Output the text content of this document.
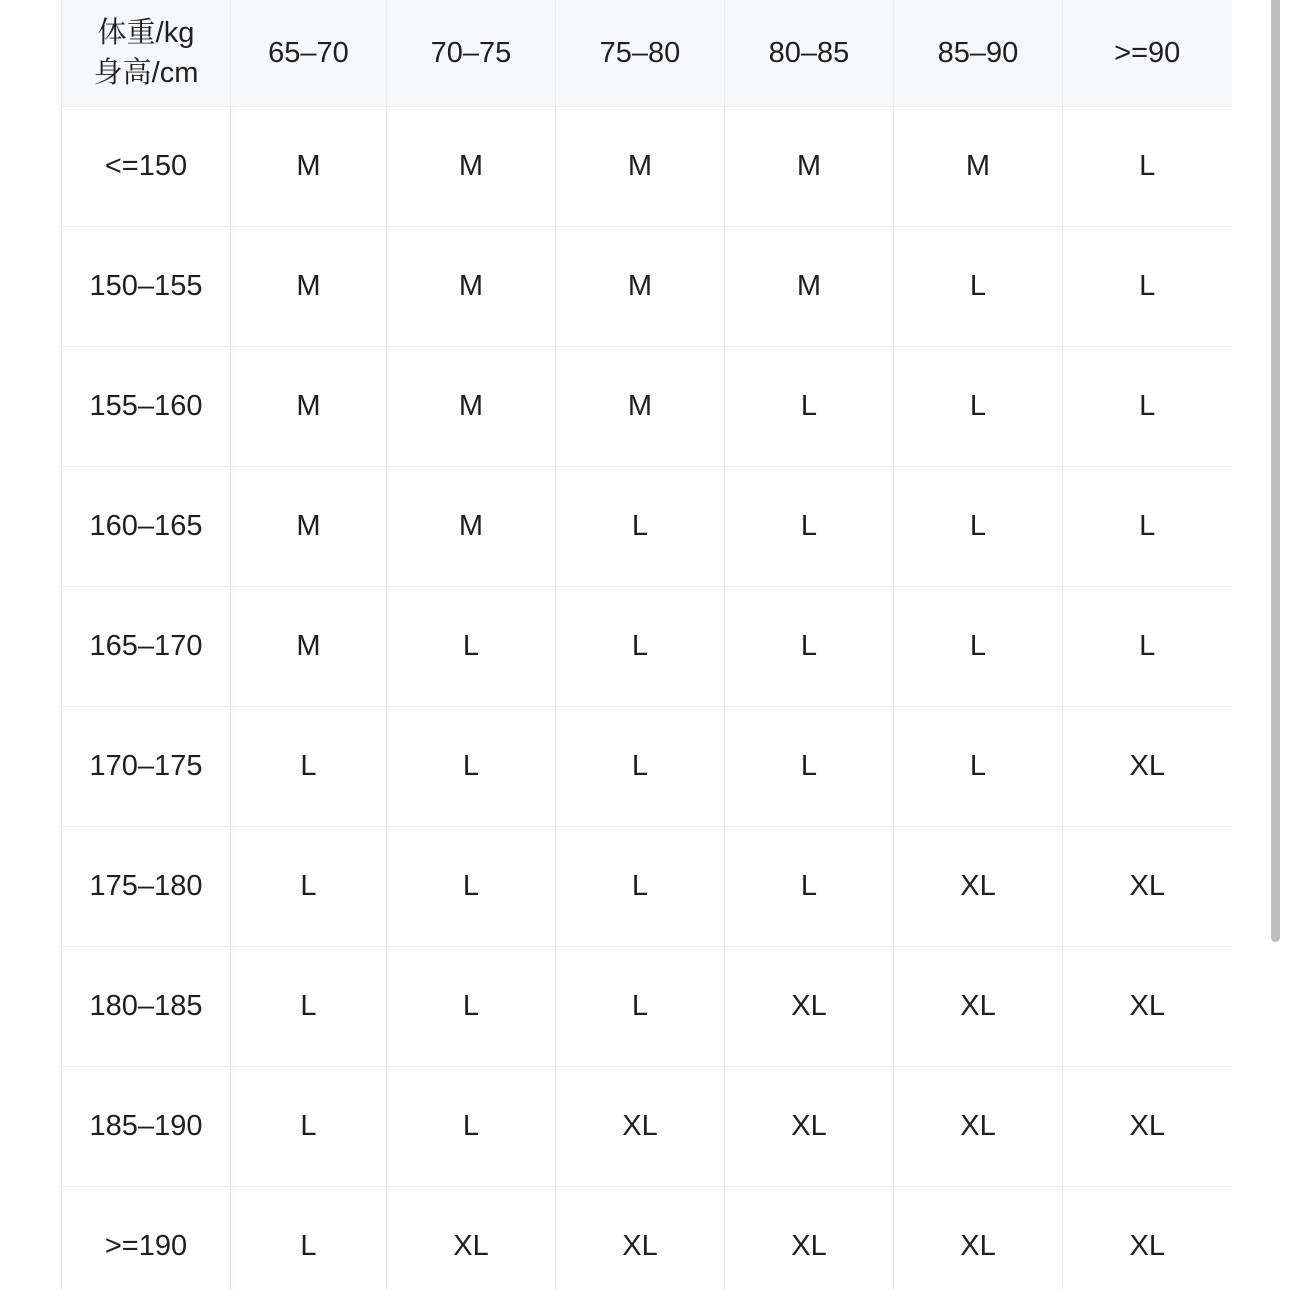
体重/kg
身高/cm	65–70	70–75	75–80	80–85	85–90	>=90
<=150	M	M	M	M	M	L
150–155	M	M	M	M	L	L
155–160	M	M	M	L	L	L
160–165	M	M	L	L	L	L
165–170	M	L	L	L	L	L
170–175	L	L	L	L	L	XL
175–180	L	L	L	L	XL	XL
180–185	L	L	L	XL	XL	XL
185–190	L	L	XL	XL	XL	XL
>=190	L	XL	XL	XL	XL	XL
